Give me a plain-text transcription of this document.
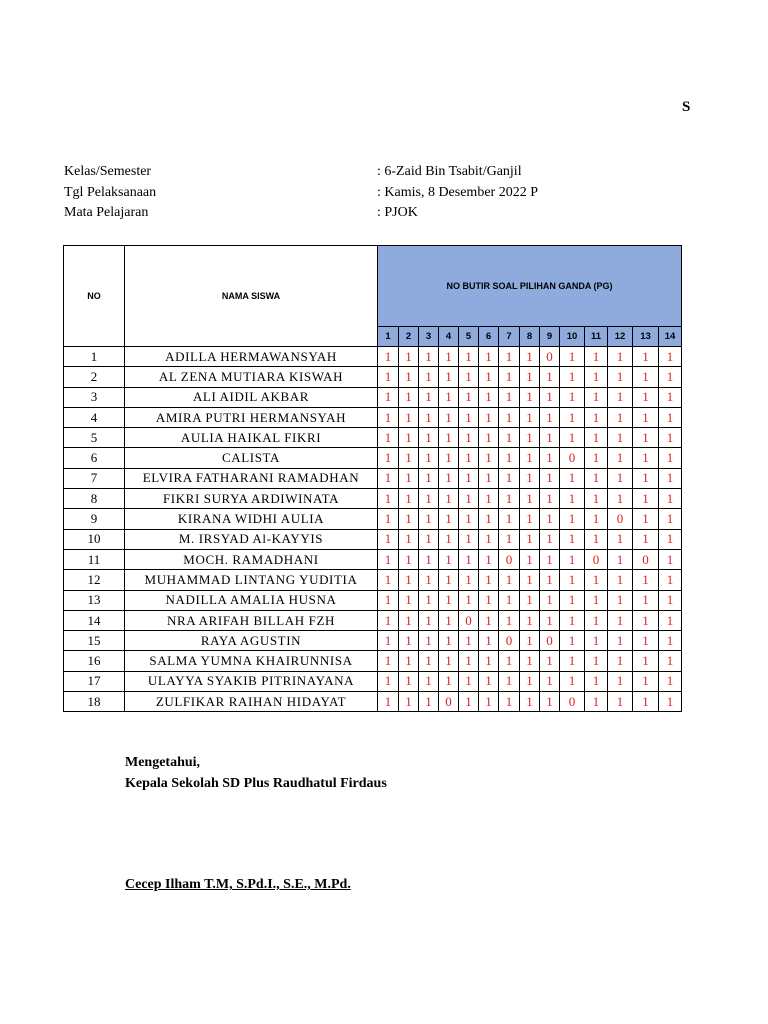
S
Kelas/Semester	: 6-Zaid Bin Tsabit/Ganjil
Tgl Pelaksanaan	: Kamis, 8 Desember 2022 P
Mata Pelajaran	: PJOK
NO	NAMA SISWA	NO BUTIR SOAL PILIHAN GANDA (PG)													
		1	2	3	4	5	6	7	8	9	10	11	12	13	14
1	ADILLA HERMAWANSYAH	1	1	1	1	1	1	1	1	0	1	1	1	1	1
2	AL ZENA MUTIARA KISWAH	1	1	1	1	1	1	1	1	1	1	1	1	1	1
3	ALI AIDIL AKBAR	1	1	1	1	1	1	1	1	1	1	1	1	1	1
4	AMIRA PUTRI HERMANSYAH	1	1	1	1	1	1	1	1	1	1	1	1	1	1
5	AULIA HAIKAL FIKRI	1	1	1	1	1	1	1	1	1	1	1	1	1	1
6	CALISTA	1	1	1	1	1	1	1	1	1	0	1	1	1	1
7	ELVIRA FATHARANI RAMADHAN	1	1	1	1	1	1	1	1	1	1	1	1	1	1
8	FIKRI SURYA ARDIWINATA	1	1	1	1	1	1	1	1	1	1	1	1	1	1
9	KIRANA WIDHI AULIA	1	1	1	1	1	1	1	1	1	1	1	0	1	1
10	M. IRSYAD Al-KAYYIS	1	1	1	1	1	1	1	1	1	1	1	1	1	1
11	MOCH. RAMADHANI	1	1	1	1	1	1	0	1	1	1	0	1	0	1
12	MUHAMMAD LINTANG YUDITIA	1	1	1	1	1	1	1	1	1	1	1	1	1	1
13	NADILLA AMALIA HUSNA	1	1	1	1	1	1	1	1	1	1	1	1	1	1
14	NRA ARIFAH BILLAH FZH	1	1	1	1	0	1	1	1	1	1	1	1	1	1
15	RAYA AGUSTIN	1	1	1	1	1	1	0	1	0	1	1	1	1	1
16	SALMA YUMNA KHAIRUNNISA	1	1	1	1	1	1	1	1	1	1	1	1	1	1
17	ULAYYA SYAKIB PITRINAYANA	1	1	1	1	1	1	1	1	1	1	1	1	1	1
18	ZULFIKAR RAIHAN HIDAYAT	1	1	1	0	1	1	1	1	1	0	1	1	1	1
Mengetahui,
Kepala Sekolah SD Plus Raudhatul Firdaus
Cecep Ilham T.M, S.Pd.I., S.E., M.Pd.
